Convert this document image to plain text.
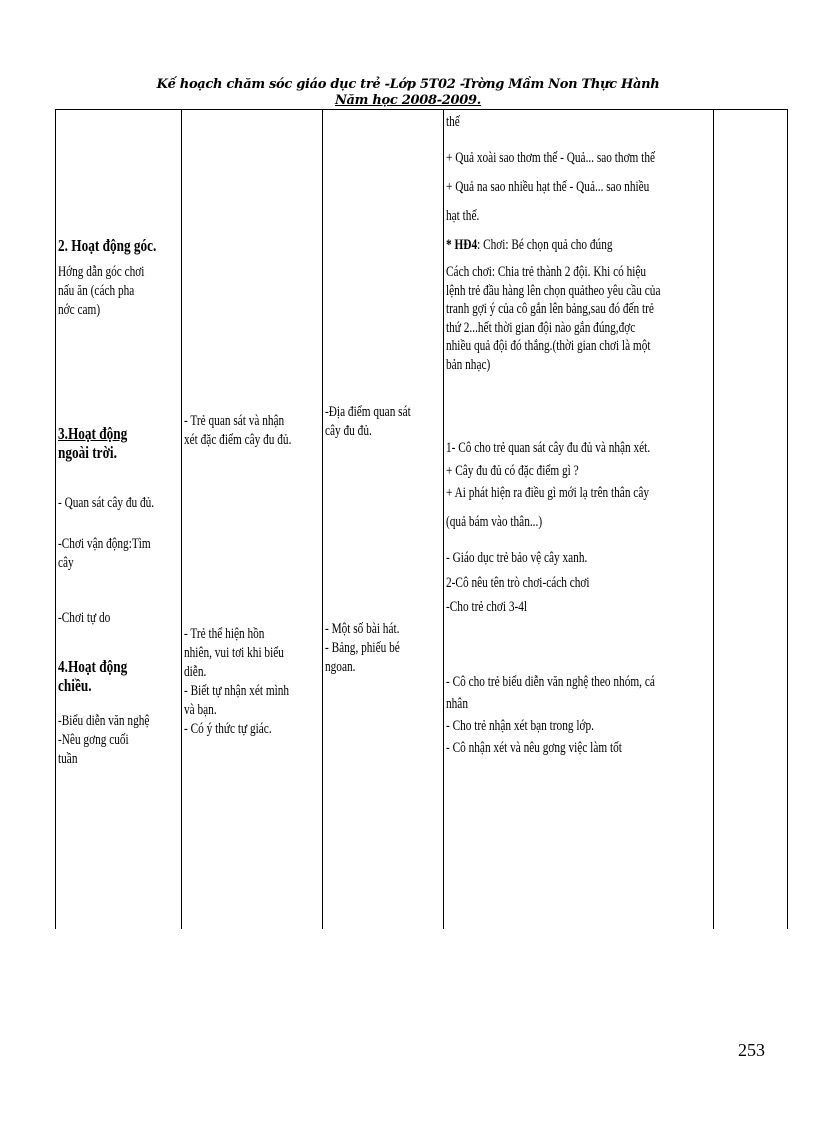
Kế hoạch chăm sóc giáo dục trẻ -Lớp 5T02 -Trờng Mầm Non Thực Hành
Năm học 2008-2009.
2. Hoạt động góc.

Hớng dẫn góc chơi

nấu ăn (cách pha

nớc cam)

3.Hoạt động
ngoài trời.

- Quan sát cây đu đủ.

-Chơi vận động:Tìm

cây

-Chơi tự do

4.Hoạt động
chiều.

-Biểu diễn văn nghệ

-Nêu gơng cuối

tuần

- Trẻ quan sát và nhận

xét đặc điểm cây đu đủ.

- Trẻ thể hiện hồn

nhiên, vui tơi khi biểu

diễn.

- Biết tự nhận xét mình

và bạn.

- Có ý thức tự giác.

-Địa điểm quan sát

cây đu đủ.

- Một số bài hát.

- Bảng, phiếu bé

ngoan.

thế

+ Quả xoài sao thơm thế - Quả... sao thơm thế

+ Quả na sao nhiều hạt thế - Quả... sao nhiều

hạt thế.

* HĐ4: Chơi: Bé chọn quả cho đúng

Cách chơi: Chia trẻ thành 2 đội. Khi có hiệu

lệnh trẻ đầu hàng lên chọn quảtheo yêu cầu của

tranh gợi ý của cô gắn lên bảng,sau đó đến trẻ

thứ 2...hết thời gian đội nào gắn đúng,đợc

nhiều quả đội đó thắng.(thời gian chơi là một

bản nhạc)

1- Cô cho trẻ quan sát cây đu đủ và nhận xét.

+ Cây đu đủ có đặc điểm gì ?

+ Ai phát hiện ra điều gì mới lạ trên thân cây

(quả bám vào thân...)

- Giáo dục trẻ bảo vệ cây xanh.

2-Cô nêu tên trò chơi-cách chơi

-Cho trẻ chơi 3-4l

- Cô cho trẻ biểu diễn văn nghệ theo nhóm, cá

nhân

- Cho trẻ nhận xét bạn trong lớp.

- Cô nhận xét và nêu gơng việc làm tốt

253
